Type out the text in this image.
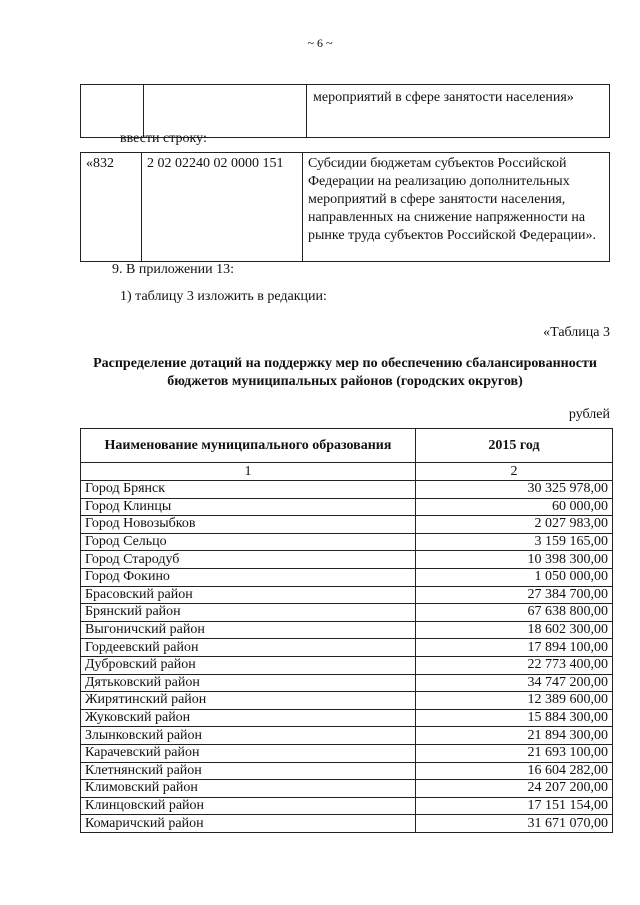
~ 6 ~
		мероприятий в сфере занятости населения»
ввести строку:
«832	2 02 02240 02 0000 151	Субсидии бюджетам субъектов Российской Федерации на реализацию дополнительных мероприятий в сфере занятости населения, направленных на снижение напряженности на рынке труда субъектов Российской Федерации».
9. В приложении 13:
1) таблицу 3 изложить в редакции:
«Таблица 3
Распределение дотаций на поддержку мер по обеспечению сбалансированности бюджетов муниципальных районов (городских округов)
рублей
Наименование муниципального образования	2015 год
1	2
Город Брянск	30 325 978,00
Город Клинцы	60 000,00
Город Новозыбков	2 027 983,00
Город Сельцо	3 159 165,00
Город Стародуб	10 398 300,00
Город Фокино	1 050 000,00
Брасовский район	27 384 700,00
Брянский район	67 638 800,00
Выгоничский район	18 602 300,00
Гордеевский район	17 894 100,00
Дубровский район	22 773 400,00
Дятьковский район	34 747 200,00
Жирятинский район	12 389 600,00
Жуковский район	15 884 300,00
Злынковский район	21 894 300,00
Карачевский район	21 693 100,00
Клетнянский район	16 604 282,00
Климовский район	24 207 200,00
Клинцовский район	17 151 154,00
Комаричский район	31 671 070,00
